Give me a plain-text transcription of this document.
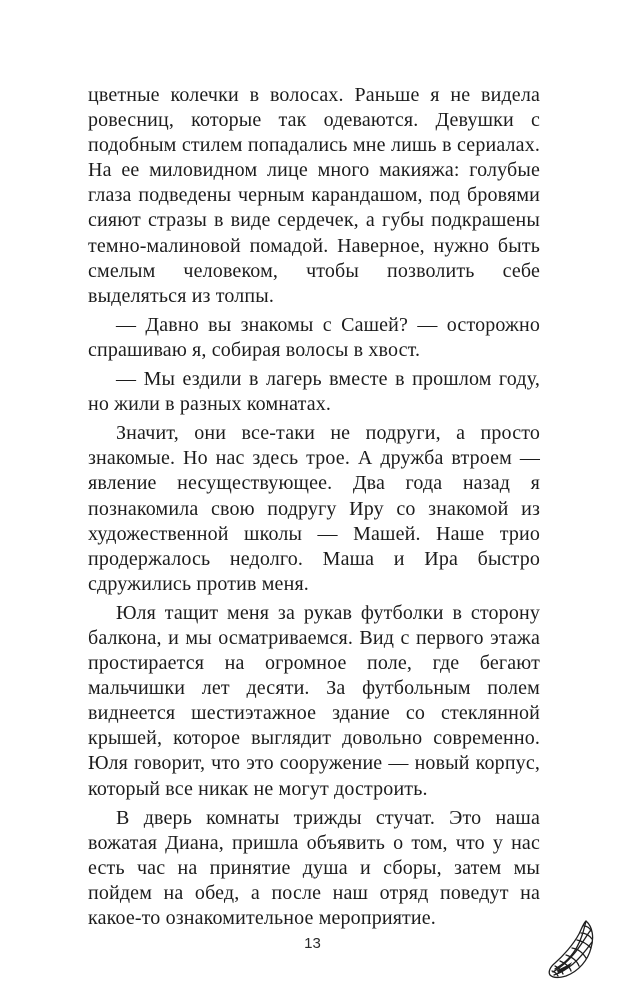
цветные колечки в волосах. Раньше я не видела ровесниц, которые так одеваются. Девушки с подобным стилем попадались мне лишь в сериалах. На ее миловидном лице много макияжа: голубые глаза подведены черным карандашом, под бровями сияют стразы в виде сердечек, а губы подкрашены темно-малиновой помадой. Наверное, нужно быть смелым человеком, чтобы позволить себе выделяться из толпы.

— Давно вы знакомы с Сашей? — осторожно спрашиваю я, собирая волосы в хвост.

— Мы ездили в лагерь вместе в прошлом году, но жили в разных комнатах.

Значит, они все-таки не подруги, а просто знакомые. Но нас здесь трое. А дружба втроем — явление несуществующее. Два года назад я познакомила свою подругу Иру со знакомой из художественной школы — Машей. Наше трио продержалось недолго. Маша и Ира быстро сдружились против меня.

Юля тащит меня за рукав футболки в сторону балкона, и мы осматриваемся. Вид с первого этажа простирается на огромное поле, где бегают мальчишки лет десяти. За футбольным полем виднеется шестиэтажное здание со стеклянной крышей, которое выглядит довольно современно. Юля говорит, что это сооружение — новый корпус, который все никак не могут достроить.

В дверь комнаты трижды стучат. Это наша вожатая Диана, пришла объявить о том, что у нас есть час на принятие душа и сборы, затем мы пойдем на обед, а после наш отряд поведут на какое-то ознакомительное мероприятие.

13
